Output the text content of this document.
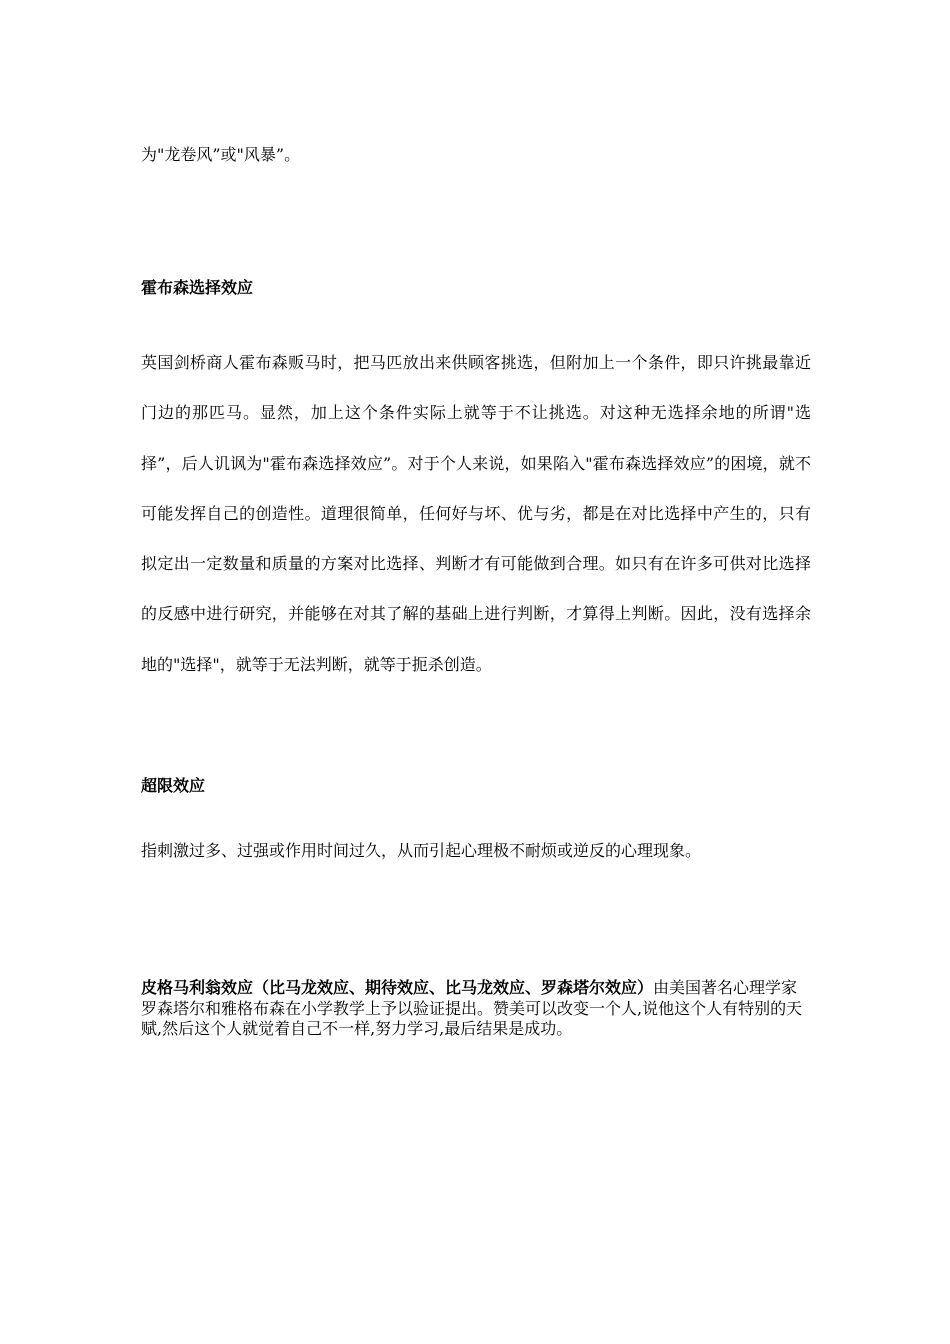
为"龙卷风”或"风暴”。
霍布森选择效应
英国剑桥商人霍布森贩马时，把马匹放出来供顾客挑选，但附加上一个条件，即只许挑最靠近门边的那匹马。显然，加上这个条件实际上就等于不让挑选。对这种无选择余地的所谓"选择”，后人讥讽为"霍布森选择效应”。对于个人来说，如果陷入"霍布森选择效应”的困境，就不可能发挥自己的创造性。道理很简单，任何好与坏、优与劣，都是在对比选择中产生的，只有拟定出一定数量和质量的方案对比选择、判断才有可能做到合理。如只有在许多可供对比选择的反感中进行研究，并能够在对其了解的基础上进行判断，才算得上判断。因此，没有选择余地的"选择"，就等于无法判断，就等于扼杀创造。
超限效应
指刺激过多、过强或作用时间过久，从而引起心理极不耐烦或逆反的心理现象。
皮格马利翁效应（比马龙效应、期待效应、比马龙效应、罗森塔尔效应）由美国著名心理学家罗森塔尔和雅格布森在小学教学上予以验证提出。赞美可以改变一个人,说他这个人有特别的天赋,然后这个人就觉着自己不一样,努力学习,最后结果是成功。
